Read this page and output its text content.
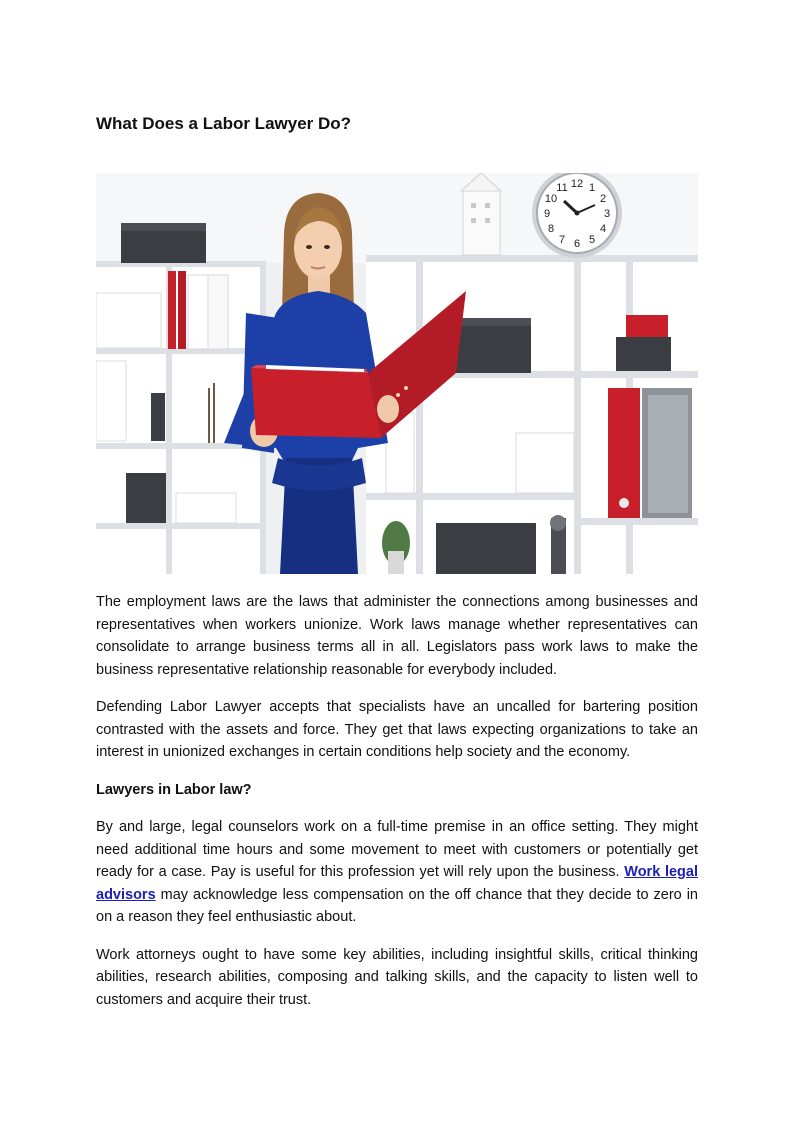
What Does a Labor Lawyer Do?
12 1
2
3
4
5
6
7
8
9
10
11

The employment laws are the laws that administer the connections among businesses and representatives when workers unionize. Work laws manage whether representatives can consolidate to arrange business terms all in all. Legislators pass work laws to make the business representative relationship reasonable for everybody included.

Defending Labor Lawyer accepts that specialists have an uncalled for bartering position contrasted with the assets and force. They get that laws expecting organizations to take an interest in unionized exchanges in certain conditions help society and the economy.

Lawyers in Labor law?

By and large, legal counselors work on a full-time premise in an office setting. They might need additional time hours and some movement to meet with customers or potentially get ready for a case. Pay is useful for this profession yet will rely upon the business. Work legal advisors may acknowledge less compensation on the off chance that they decide to zero in on a reason they feel enthusiastic about.

Work attorneys ought to have some key abilities, including insightful skills, critical thinking abilities, research abilities, composing and talking skills, and the capacity to listen well to customers and acquire their trust.
